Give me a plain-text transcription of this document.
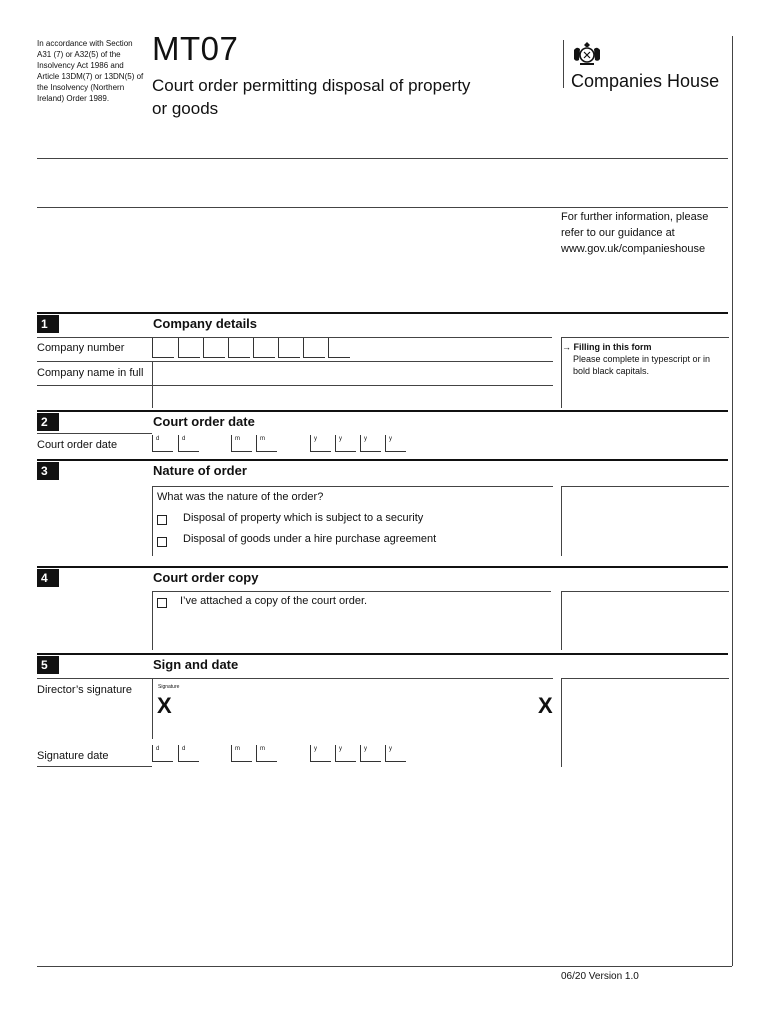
In accordance with Section A31 (7) or A32(5) of the Insolvency Act 1986 and Article 13DM(7) or 13DN(5) of the Insolvency (Northern Ireland) Order 1989.
MT07
Court order permitting disposal of property or goods
Companies House
For further information, please refer to our guidance at www.gov.uk/companieshouse
1	Company details
Company number
Company name in full
→ Filling in this form
Please complete in typescript or in bold black capitals.
2	Court order date
Court order date	d	d	m	m	y	y	y	y
3	Nature of order
What was the nature of the order?
Disposal of property which is subject to a security
Disposal of goods under a hire purchase agreement
4	Court order copy
I’ve attached a copy of the court order.
5	Sign and date
Director’s signature	Signature
X	X
Signature date
d	d	m	m	y	y	y	y
06/20 Version 1.0
